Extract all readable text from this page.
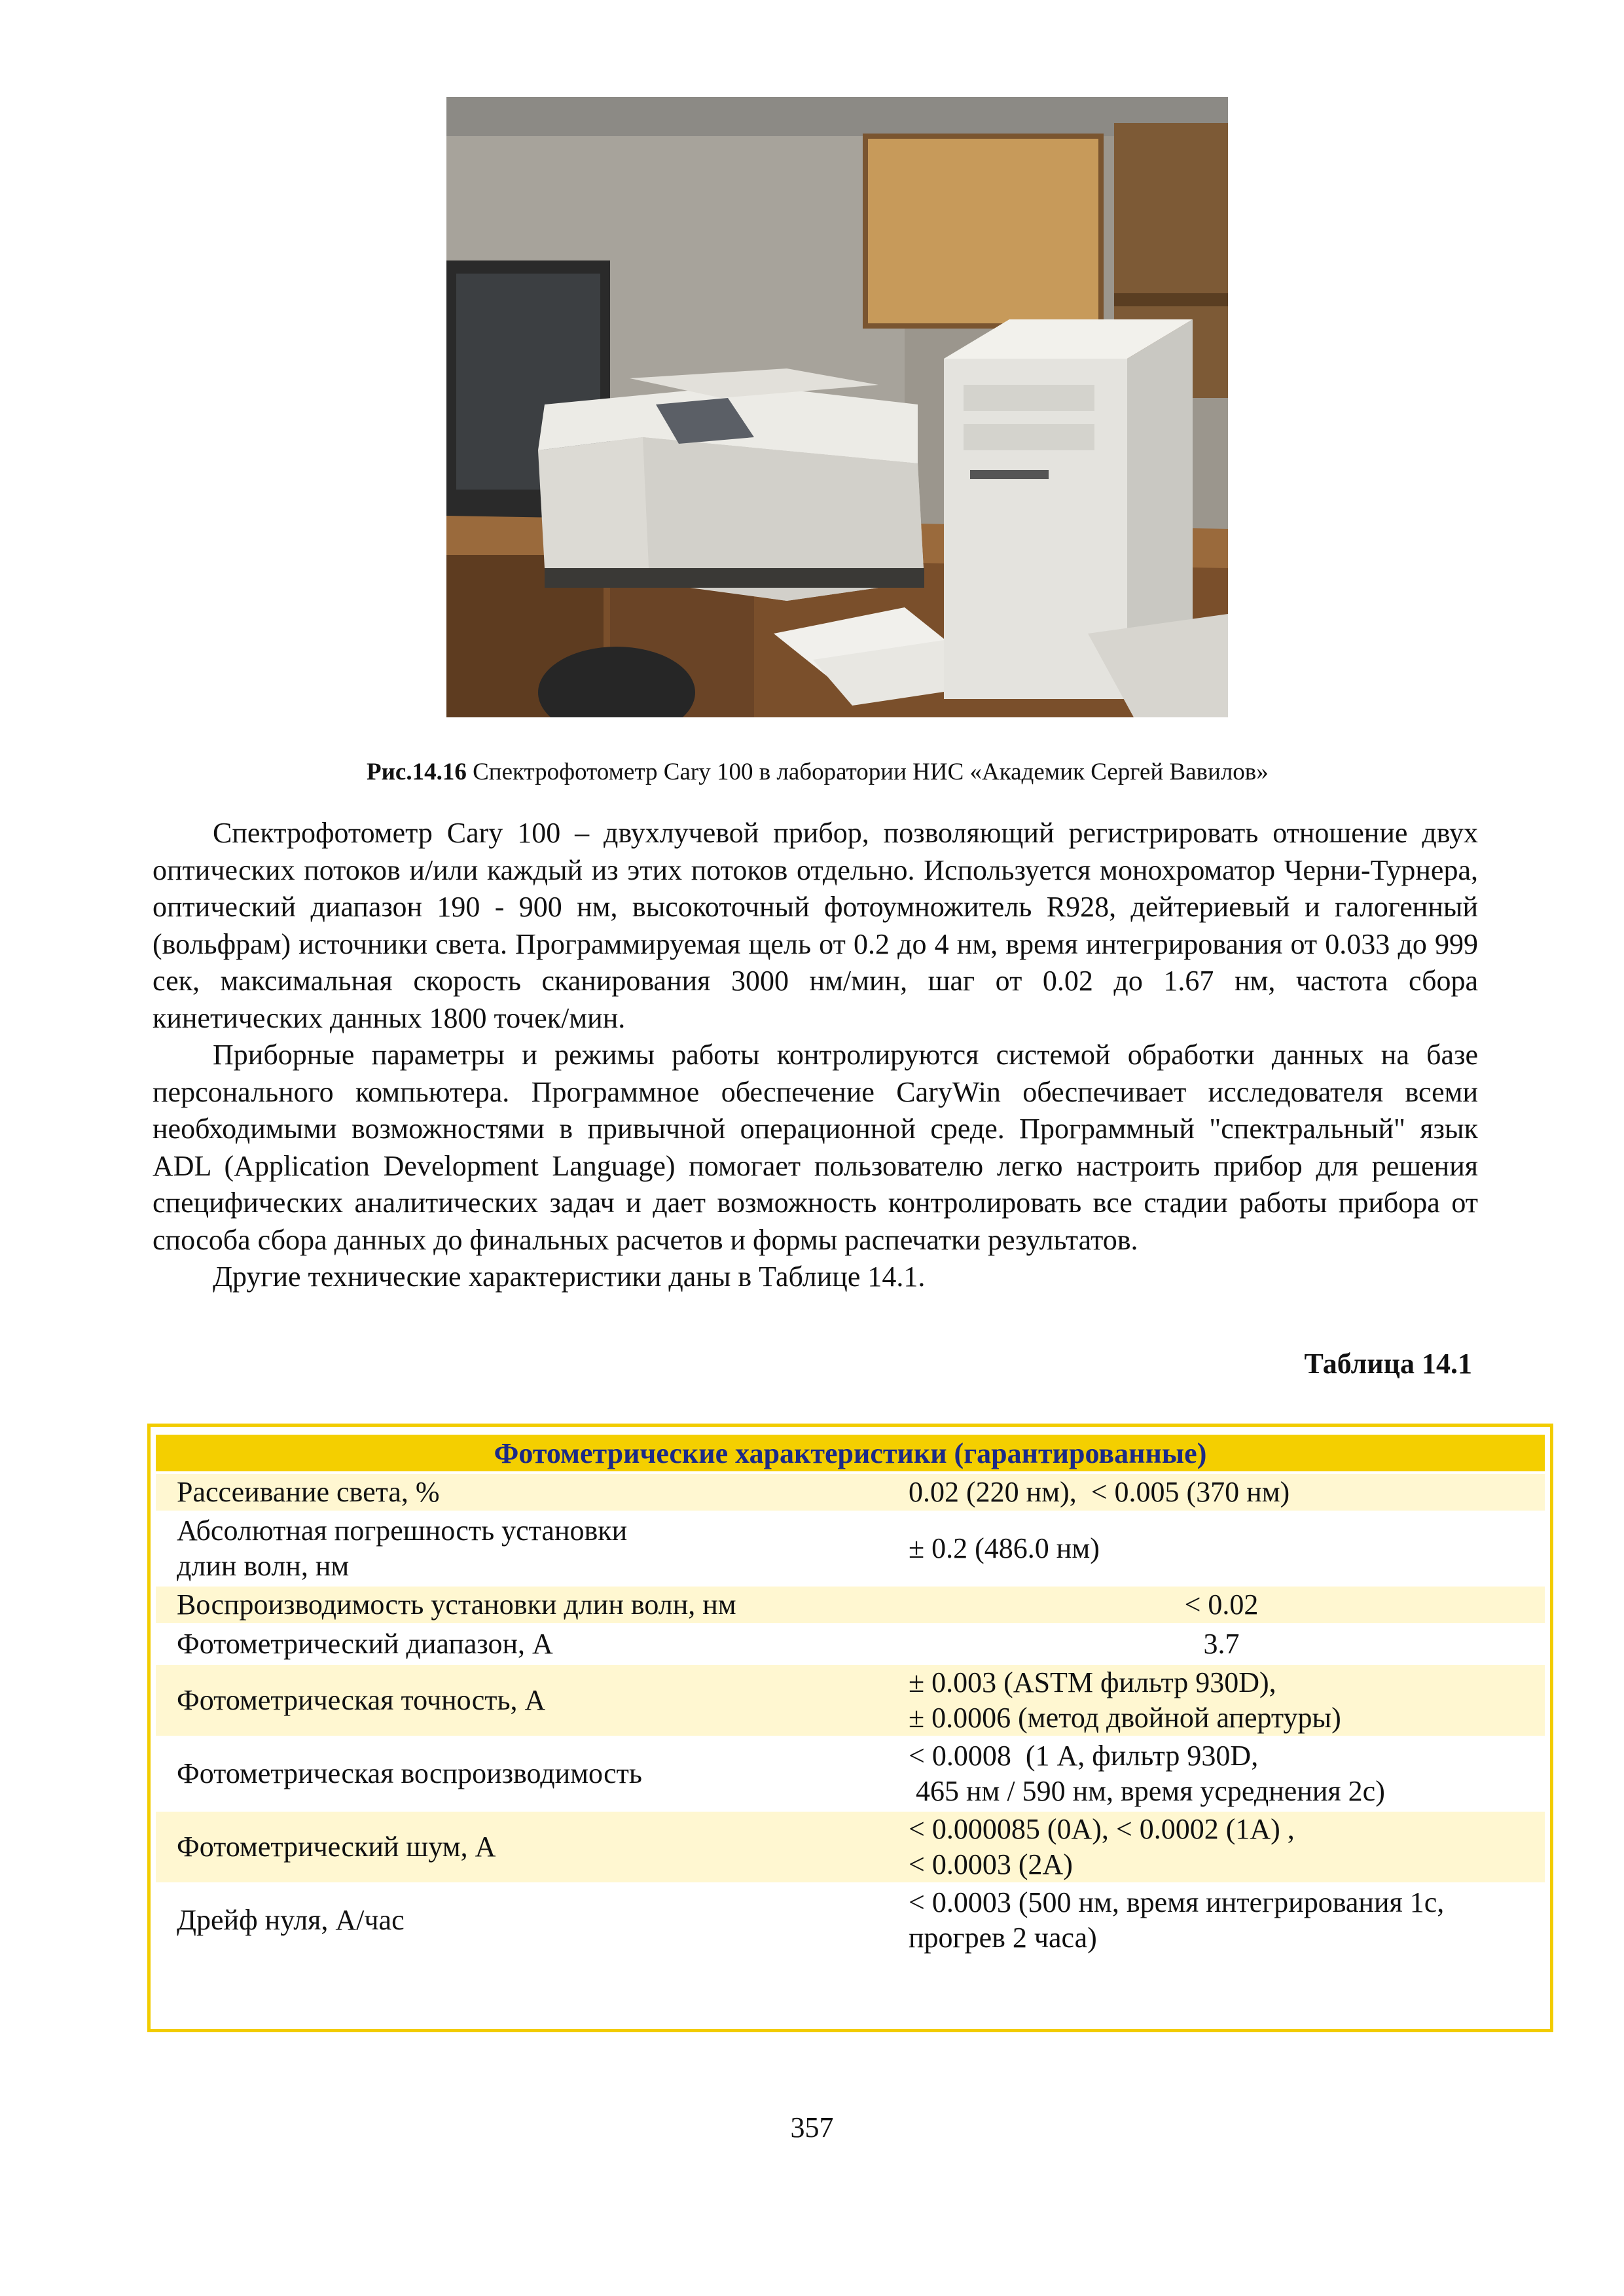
Рис.14.16 Спектрофотометр Cary 100 в лаборатории НИС «Академик Сергей Вавилов»

Спектрофотометр Cary 100 – двухлучевой прибор, позволяющий регистрировать отношение двух оптических потоков и/или каждый из этих потоков отдельно. Используется монохроматор Черни-Турнера, оптический диапазон 190 - 900 нм, высокоточный фотоумножитель R928, дейтериевый и галогенный (вольфрам) источники света. Программируемая щель от 0.2 до 4 нм, время интегрирования от 0.033 до 999 сек, максимальная скорость сканирования 3000 нм/мин, шаг от 0.02 до 1.67 нм, частота сбора кинетических данных 1800 точек/мин.

Приборные параметры и режимы работы контролируются системой обработки данных на базе персонального компьютера. Программное обеспечение CaryWin обеспечивает исследователя всеми необходимыми возможностями в привычной операционной среде. Программный "спектральный" язык ADL (Application Development Language) помогает пользователю легко настроить прибор для решения специфических аналитических задач и дает возможность контролировать все стадии работы прибора от способа сбора данных до финальных расчетов и формы распечатки результатов.

Другие технические характеристики даны в Таблице 14.1.

Таблица 14.1
Фотометрические характеристики (гарантированные)	
Рассеивание света, %	0.02 (220 нм),  < 0.005 (370 нм)
Абсолютная погрешность установки
длин волн, нм	± 0.2 (486.0 нм)
Воспроизводимость установки длин волн, нм	< 0.02
Фотометрический диапазон, А	3.7
Фотометрическая точность, А	± 0.003 (ASTM фильтр 930D),
± 0.0006 (метод двойной апертуры)
Фотометрическая воспроизводимость	< 0.0008  (1 А, фильтр 930D,
465 нм / 590 нм, время усреднения 2с)
Фотометрический шум, А	< 0.000085 (0A), < 0.0002 (1A) ,
< 0.0003 (2A)
Дрейф нуля, А/час	< 0.0003 (500 нм, время интегрирования 1с,
прогрев 2 часа)
357
